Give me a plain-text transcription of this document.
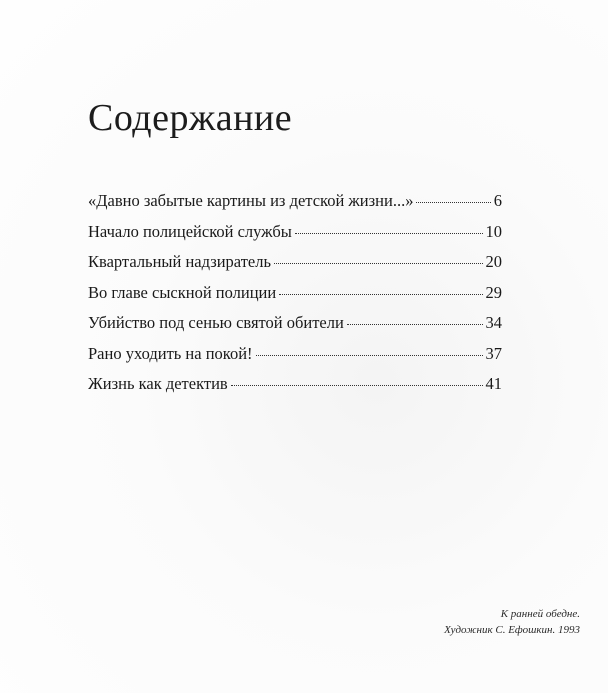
Содержание
«Давно забытые картины из детской жизни...»	6
Начало полицейской службы	10
Квартальный надзиратель	20
Во главе сыскной полиции	29
Убийство под сенью святой обители	34
Рано уходить на покой!	37
Жизнь как детектив	41
К ранней обедне.
Художник С. Ефошкин. 1993
